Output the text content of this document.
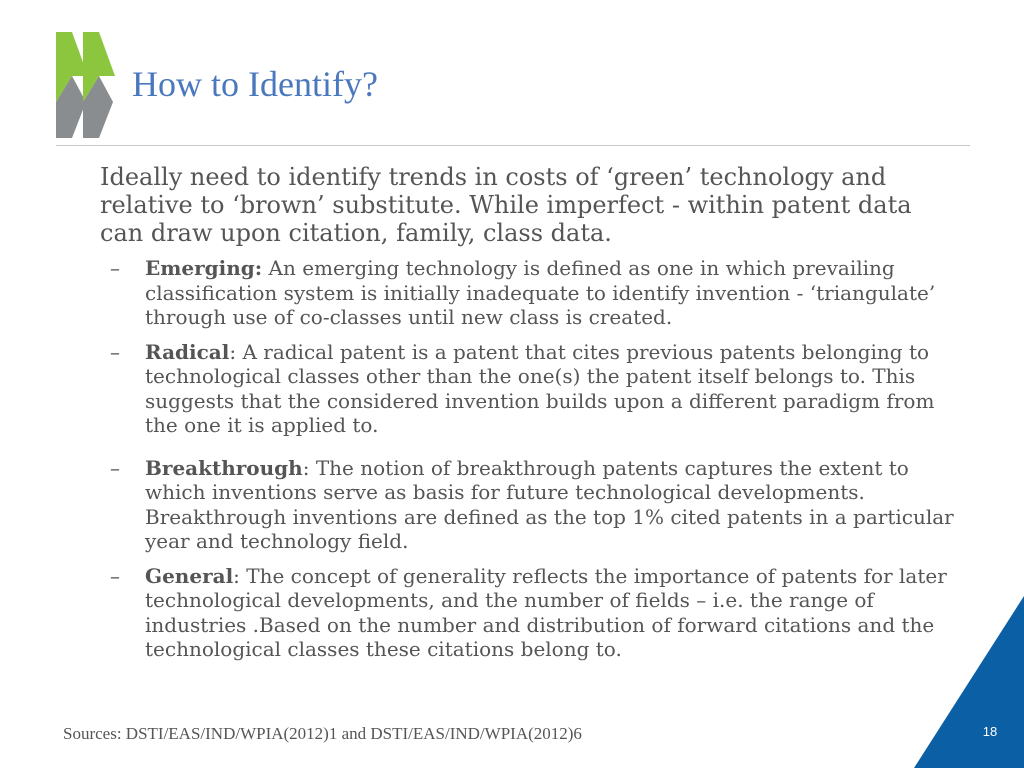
How to Identify?
Ideally need to identify trends in costs of ‘green’ technology and relative to ‘brown’ substitute. While imperfect - within patent data can draw upon citation, family, class data.
– Emerging: An emerging technology is defined as one in which prevailing classification system is initially inadequate to identify invention - ‘triangulate’ through use of co-classes until new class is created.
– Radical: A radical patent is a patent that cites previous patents belonging to technological classes other than the one(s) the patent itself belongs to. This suggests that the considered invention builds upon a different paradigm from the one it is applied to.
– Breakthrough: The notion of breakthrough patents captures the extent to which inventions serve as basis for future technological developments. Breakthrough inventions are defined as the top 1% cited patents in a particular year and technology field.
– General: The concept of generality reflects the importance of patents for later technological developments, and the number of fields – i.e. the range of industries .Based on the number and distribution of forward citations and the technological classes these citations belong to.
Sources: DSTI/EAS/IND/WPIA(2012)1 and DSTI/EAS/IND/WPIA(2012)6	18
